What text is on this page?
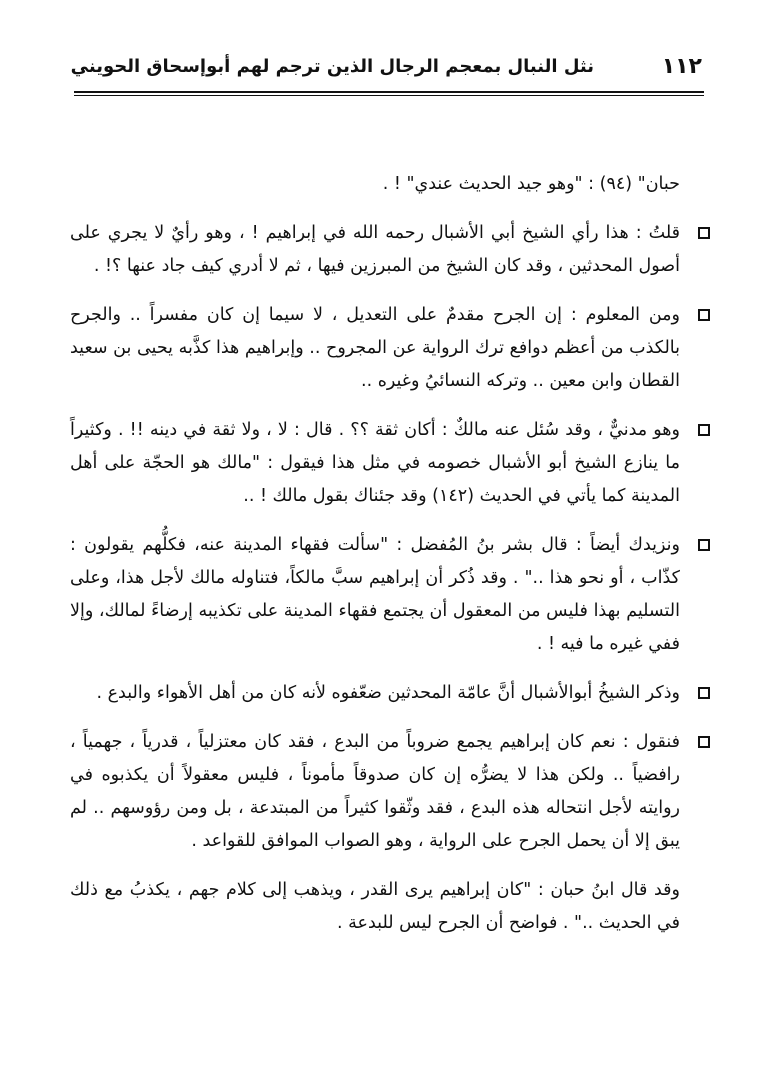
١١٢
نثل النبال بمعجم الرجال الذين ترجم لهم أبوإسحاق الحويني

حبان" (٩٤) : "وهو جيد الحديث عندي" ! .

قلتُ : هذا رأي الشيخ أبي الأشبال رحمه الله في إبراهيم ! ، وهو رأيٌ لا يجري على أصول المحدثين ، وقد كان الشيخ من المبرزين فيها ، ثم لا أدري كيف جاد عنها ؟! .

ومن المعلوم : إن الجرح مقدمٌ على التعديل ، لا سيما إن كان مفسراً .. والجرح بالكذب من أعظم دوافع ترك الرواية عن المجروح .. وإبراهيم هذا كذَّبه يحيى بن سعيد القطان وابن معين .. وتركه النسائيُ وغيره ..

وهو مدنيٌّ ، وقد سُئل عنه مالكٌ : أكان ثقة ؟؟ . قال : لا ، ولا ثقة في دينه !! . وكثيراً ما ينازع الشيخ أبو الأشبال خصومه في مثل هذا فيقول : "مالك هو الحجّة على أهل المدينة كما يأتي في الحديث (١٤٢) وقد جئناك بقول مالك ! ..

ونزيدك أيضاً : قال بشر بنُ المُفضل : "سألت فقهاء المدينة عنه، فكلُّهم يقولون : كذّاب ، أو نحو هذا .." . وقد ذُكر أن إبراهيم سبَّ مالكاً، فتناوله مالك لأجل هذا، وعلى التسليم بهذا فليس من المعقول أن يجتمع فقهاء المدينة على تكذيبه إرضاءً لمالك، وإلا ففي غيره ما فيه ! .

وذكر الشيخُ أبوالأشبال أنَّ عامّة المحدثين ضعّفوه لأنه كان من أهل الأهواء والبدع .

فنقول : نعم كان إبراهيم يجمع ضروباً من البدع ، فقد كان معتزلياً ، قدرياً ، جهمياً ، رافضياً .. ولكن هذا لا يضرُّه إن كان صدوقاً مأموناً ، فليس معقولاً أن يكذبوه في روايته لأجل انتحاله هذه البدع ، فقد وثّقوا كثيراً من المبتدعة ، بل ومن رؤوسهم .. لم يبق إلا أن يحمل الجرح على الرواية ، وهو الصواب الموافق للقواعد .

وقد قال ابنُ حبان : "كان إبراهيم يرى القدر ، ويذهب إلى كلام جهم ، يكذبُ مع ذلك في الحديث .." . فواضح أن الجرح ليس للبدعة .
